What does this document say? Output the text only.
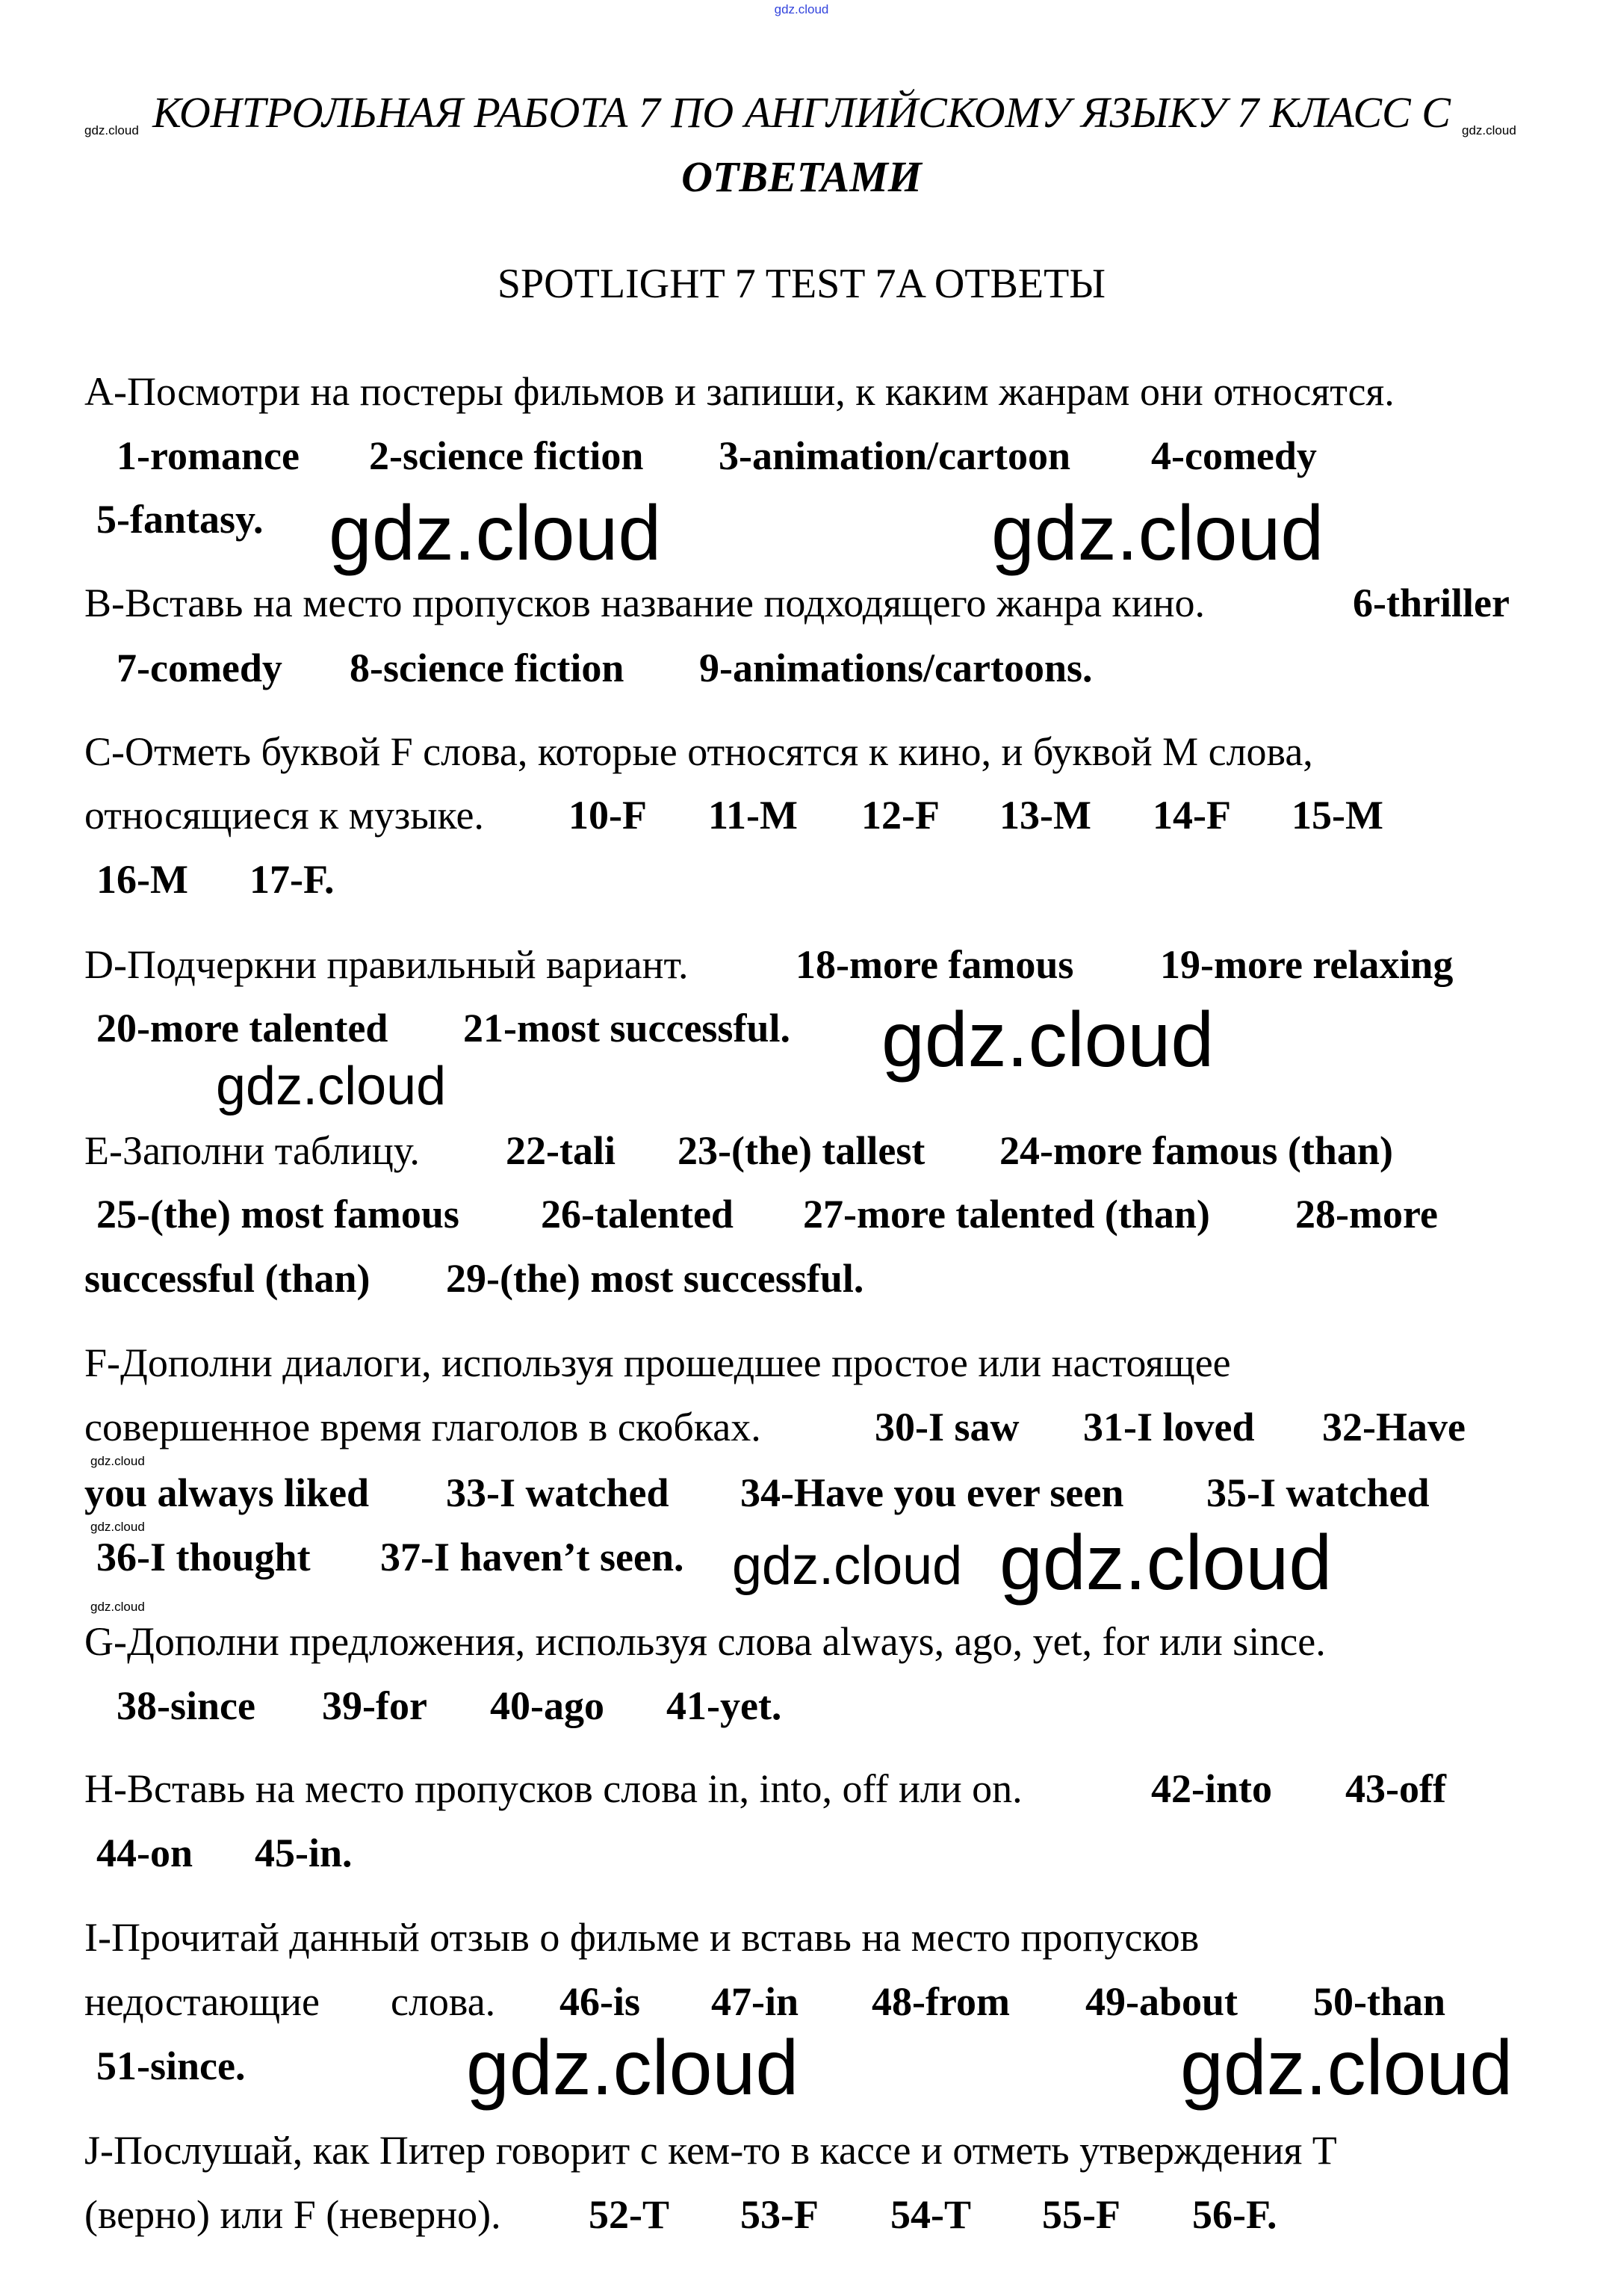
gdz.cloud
КОНТРОЛЬНАЯ РАБОТА 7 ПО АНГЛИЙСКОМУ ЯЗЫКУ 7 КЛАСС С
gdz.cloud	gdz.cloud
ОТВЕТАМИ
SPOTLIGHT 7 TEST 7A ОТВЕТЫ
A-Посмотри на постеры фильмов и запиши, к каким жанрам они относятся.
1-romance 2-science fiction 3-animation/cartoon 4-comedy
5-fantasy. gdz.cloud	gdz.cloud
B-Вставь на место пропусков название подходящего жанра кино.	6-thriller
7-comedy 8-science fiction 9-animations/cartoons.
C-Отметь буквой F слова, которые относятся к кино, и буквой M слова,
относящиеся к музыке. 10-F 11-M 12-F 13-M 14-F 15-M
16-M 17-F.
D-Подчеркни правильный вариант.	18-more famous 19-more relaxing
20-more talented 21-most successful. gdz.cloud
gdz.cloud
E-Заполни таблицу. 22-tali 23-(the) tallest 24-more famous (than)
25-(the) most famous 26-talented 27-more talented (than) 28-more
successful (than) 29-(the) most successful.
F-Дополни диалоги, используя прошедшее простое или настоящее
совершенное время глаголов в скобках.	30-I saw 31-I loved 32-Have
gdz.cloud
you always liked 33-I watched 34-Have you ever seen 35-I watched
gdz.cloud
36-I thought 37-I haven’t seen.	gdz.cloud
gdz.cloud
gdz.cloud
G-Дополни предложения, используя слова always, ago, yet, for или since.
38-since 39-for 40-ago 41-yet.
H-Вставь на место пропусков слова in, into, off или on.	42-into 43-off
44-on 45-in.
I-Прочитай данный отзыв о фильме и вставь на место пропусков
недостающие слова. 46-is 47-in 48-from 49-about 50-than
51-since.	gdz.cloud	gdz.cloud
J-Послушай, как Питер говорит с кем-то в кассе и отметь утверждения T
(верно) или F (неверно). 52-T 53-F 54-T 55-F 56-F.
